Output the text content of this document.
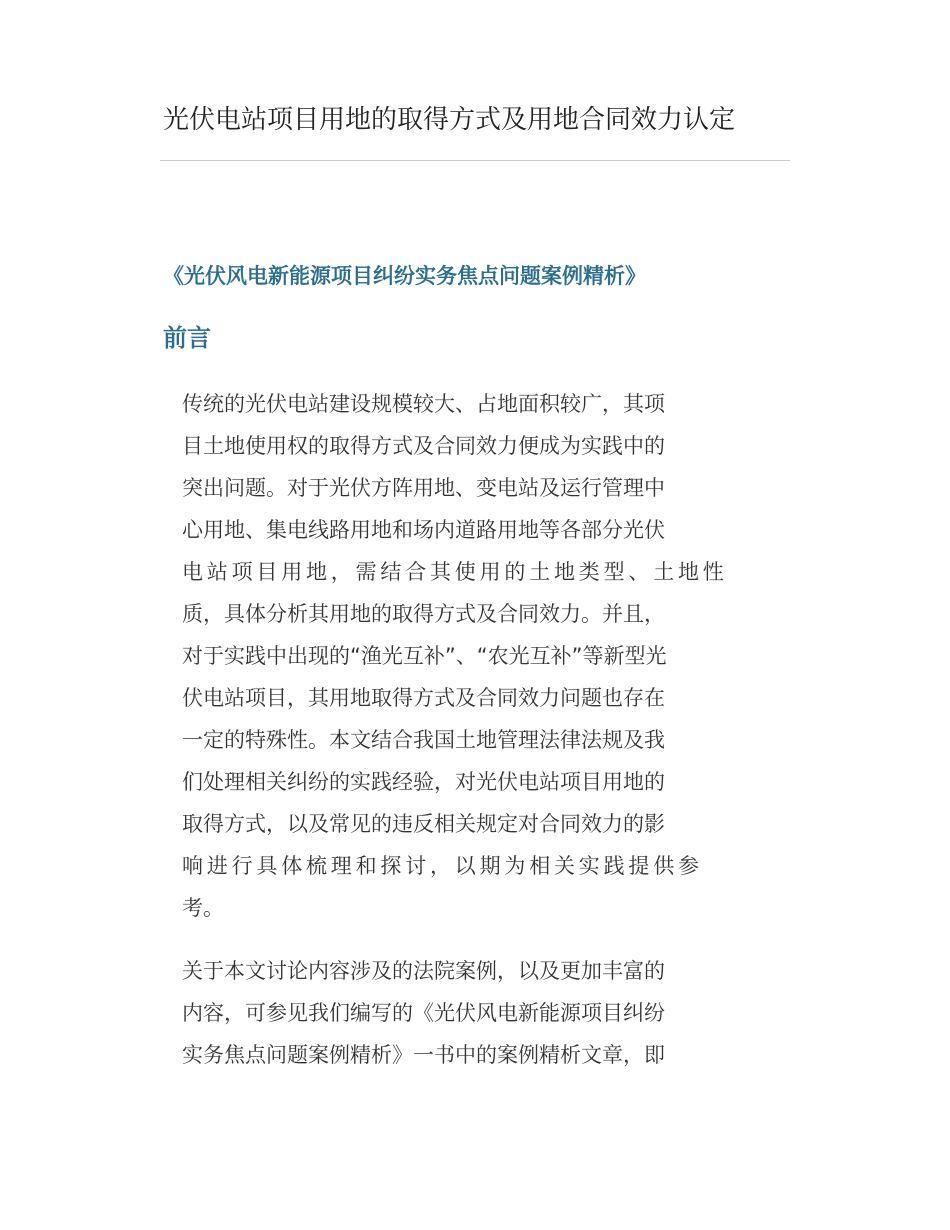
光伏电站项目用地的取得方式及用地合同效力认定
《光伏风电新能源项目纠纷实务焦点问题案例精析》
前言
传统的光伏电站建设规模较大、占地面积较广，其项
目土地使用权的取得方式及合同效力便成为实践中的
突出问题。对于光伏方阵用地、变电站及运行管理中
心用地、集电线路用地和场内道路用地等各部分光伏
电站项目用地，需结合其使用的土地类型、土地性
质，具体分析其用地的取得方式及合同效力。并且，
对于实践中出现的“渔光互补”、“农光互补”等新型光
伏电站项目，其用地取得方式及合同效力问题也存在
一定的特殊性。本文结合我国土地管理法律法规及我
们处理相关纠纷的实践经验，对光伏电站项目用地的
取得方式，以及常见的违反相关规定对合同效力的影
响进行具体梳理和探讨，以期为相关实践提供参
考。
关于本文讨论内容涉及的法院案例，以及更加丰富的
内容，可参见我们编写的《光伏风电新能源项目纠纷
实务焦点问题案例精析》一书中的案例精析文章，即
